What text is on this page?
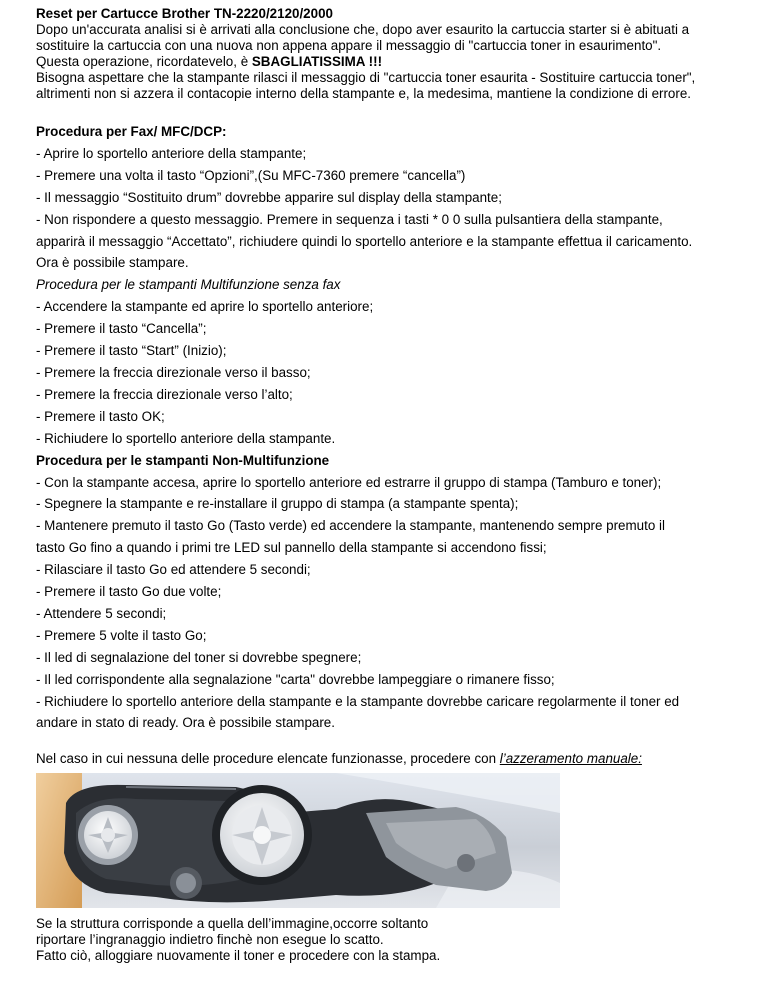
Reset per Cartucce Brother TN-2220/2120/2000

Dopo un'accurata analisi si è arrivati alla conclusione che, dopo aver esaurito la cartuccia starter si è abituati a

sostituire la cartuccia con una nuova non appena appare il messaggio di "cartuccia toner in esaurimento".

Questa operazione, ricordatevelo, è SBAGLIATISSIMA !!!

Bisogna aspettare che la stampante rilasci il messaggio di "cartuccia toner esaurita - Sostituire cartuccia toner",

altrimenti non si azzera il contacopie interno della stampante e, la medesima, mantiene la condizione di errore.

Procedura per Fax/ MFC/DCP:

- Aprire lo sportello anteriore della stampante;

- Premere una volta il tasto “Opzioni”,(Su MFC-7360 premere “cancella”)

- Il messaggio “Sostituito drum” dovrebbe apparire sul display della stampante;

- Non rispondere a questo messaggio. Premere in sequenza i tasti * 0 0 sulla pulsantiera della stampante,

apparirà il messaggio “Accettato”, richiudere quindi lo sportello anteriore e la stampante effettua il caricamento.

Ora è possibile stampare.

Procedura per le stampanti Multifunzione senza fax

- Accendere la stampante ed aprire lo sportello anteriore;

- Premere il tasto “Cancella”;

- Premere il tasto “Start” (Inizio);

- Premere la freccia direzionale verso il basso;

- Premere la freccia direzionale verso l’alto;

- Premere il tasto OK;

- Richiudere lo sportello anteriore della stampante.

Procedura per le stampanti Non-Multifunzione

- Con la stampante accesa, aprire lo sportello anteriore ed estrarre il gruppo di stampa (Tamburo e toner);

- Spegnere la stampante e re-installare il gruppo di stampa (a stampante spenta);

- Mantenere premuto il tasto Go (Tasto verde) ed accendere la stampante, mantenendo sempre premuto il

tasto Go fino a quando i primi tre LED sul pannello della stampante si accendono fissi;

- Rilasciare il tasto Go ed attendere 5 secondi;

- Premere il tasto Go due volte;

- Attendere 5 secondi;

- Premere 5 volte il tasto Go;

- Il led di segnalazione del toner si dovrebbe spegnere;

- Il led corrispondente alla segnalazione "carta" dovrebbe lampeggiare o rimanere fisso;

- Richiudere lo sportello anteriore della stampante e la stampante dovrebbe caricare regolarmente il toner ed

andare in stato di ready. Ora è possibile stampare.

Nel caso in cui nessuna delle procedure elencate funzionasse, procedere con l’azzeramento manuale:

Se la struttura corrisponde a quella dell’immagine,occorre soltanto

riportare l’ingranaggio indietro finchè non esegue lo scatto.

Fatto ciò, alloggiare nuovamente il toner e procedere con la stampa.
